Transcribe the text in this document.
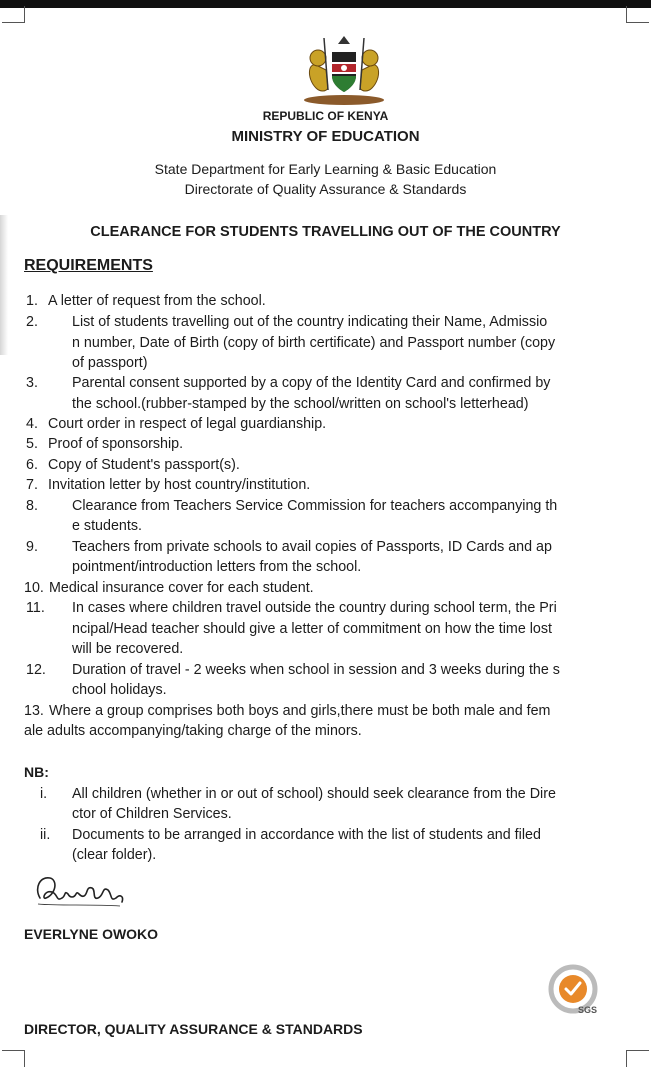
REPUBLIC OF KENYA
MINISTRY OF EDUCATION
State Department for Early Learning & Basic Education
Directorate of Quality Assurance & Standards
CLEARANCE FOR STUDENTS TRAVELLING OUT OF THE COUNTRY
REQUIREMENTS
1. A letter of request from the school.
2. List of students travelling out of the country indicating their Name, Admissio
n number, Date of Birth (copy of birth certificate) and Passport number (copy
of passport)
3. Parental consent supported by a copy of the Identity Card and confirmed by
the school.(rubber-stamped by the school/written on school's letterhead)
4. Court order in respect of legal guardianship.
5. Proof of sponsorship.
6. Copy of Student's passport(s).
7. Invitation letter by host country/institution.
8. Clearance from Teachers Service Commission for teachers accompanying th
e students.
9. Teachers from private schools to avail copies of Passports, ID Cards and ap
pointment/introduction letters from the school.
10. Medical insurance cover for each student.
11. In cases where children travel outside the country during school term, the Pri
ncipal/Head teacher should give a letter of commitment on how the time lost
will be recovered.
12. Duration of travel - 2 weeks when school in session and 3 weeks during the s
chool holidays.
13. Where a group comprises both boys and girls,there must be both male and fem
ale adults accompanying/taking charge of the minors.
NB:
i. All children (whether in or out of school) should seek clearance from the Dire
ctor of Children Services.
ii. Documents to be arranged in accordance with the list of students and filed
(clear folder).
EVERLYNE OWOKO
SGS
DIRECTOR, QUALITY ASSURANCE & STANDARDS
